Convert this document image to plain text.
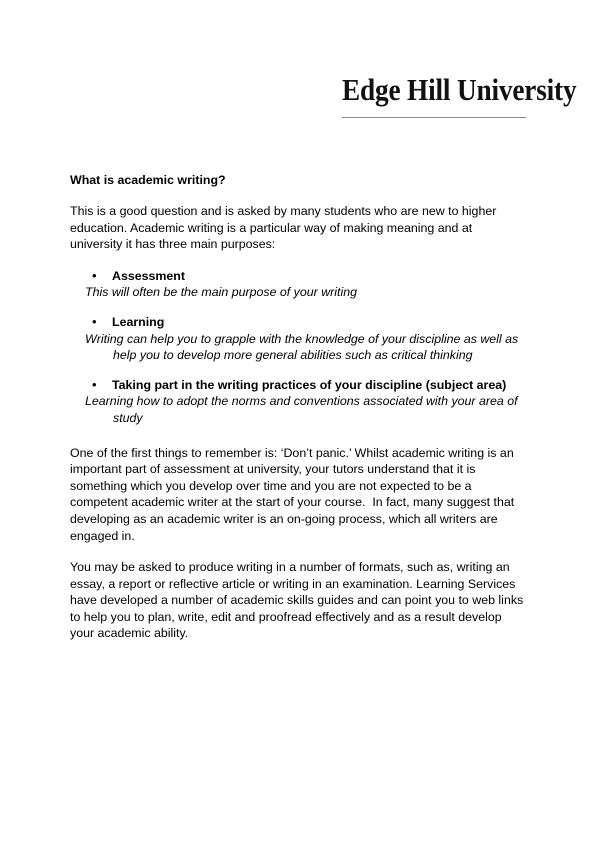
Edge Hill University
What is academic writing?

This is a good question and is asked by many students who are new to higher education. Academic writing is a particular way of making meaning and at university it has three main purposes:

• Assessment
This will often be the main purpose of your writing
• Learning
Writing can help you to grapple with the knowledge of your discipline as well as help you to develop more general abilities such as critical thinking
• Taking part in the writing practices of your discipline (subject area)
Learning how to adopt the norms and conventions associated with your area of study

One of the first things to remember is: ‘Don’t panic.’ Whilst academic writing is an important part of assessment at university, your tutors understand that it is something which you develop over time and you are not expected to be a competent academic writer at the start of your course.  In fact, many suggest that developing as an academic writer is an on-going process, which all writers are engaged in.

You may be asked to produce writing in a number of formats, such as, writing an essay, a report or reflective article or writing in an examination. Learning Services have developed a number of academic skills guides and can point you to web links to help you to plan, write, edit and proofread effectively and as a result develop your academic ability.
